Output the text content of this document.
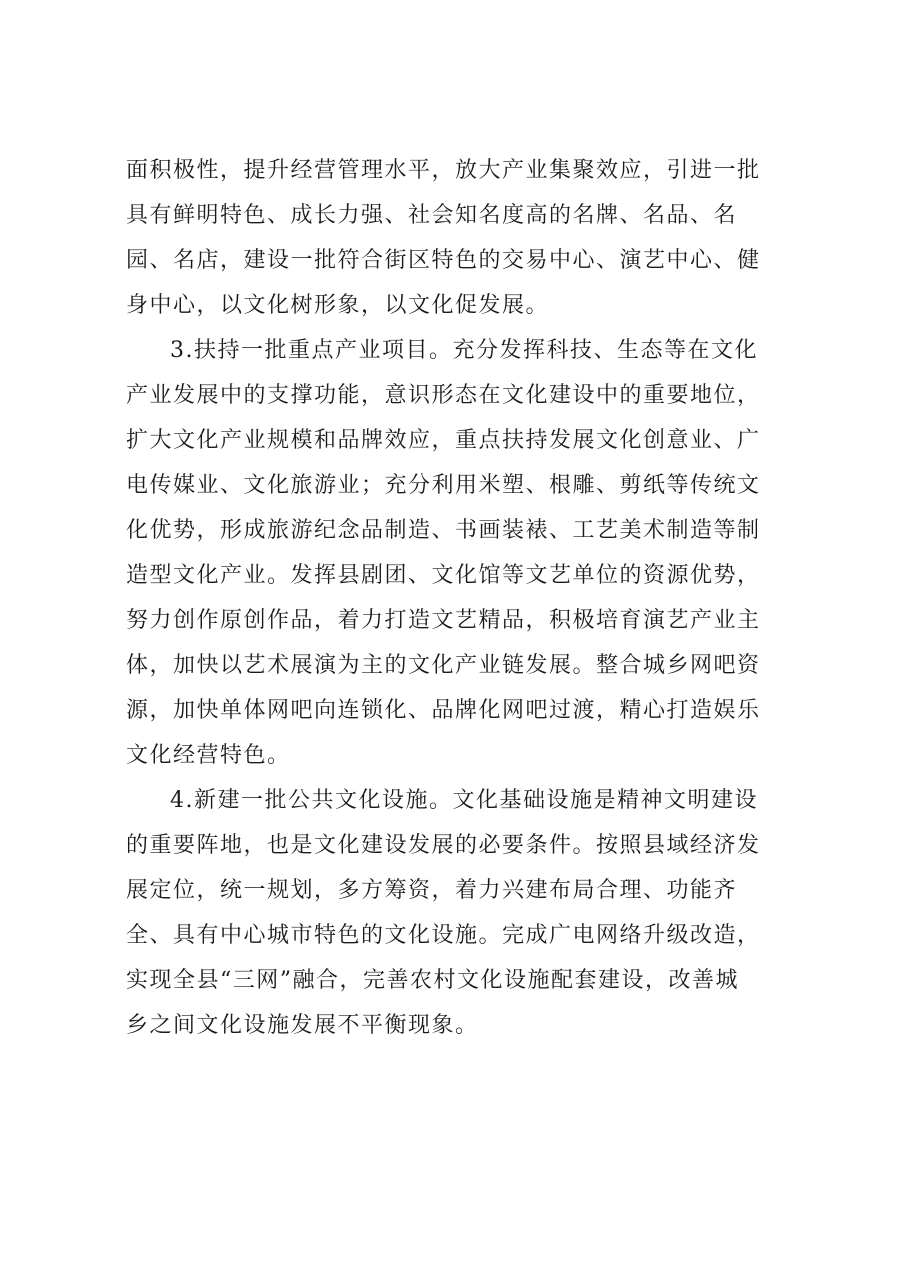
面积极性，提升经营管理水平，放大产业集聚效应，引进一批
具有鲜明特色、成长力强、社会知名度高的名牌、名品、名
园、名店，建设一批符合街区特色的交易中心、演艺中心、健
身中心，以文化树形象，以文化促发展。
3.扶持一批重点产业项目。充分发挥科技、生态等在文化
产业发展中的支撑功能，意识形态在文化建设中的重要地位，
扩大文化产业规模和品牌效应，重点扶持发展文化创意业、广
电传媒业、文化旅游业；充分利用米塑、根雕、剪纸等传统文
化优势，形成旅游纪念品制造、书画装裱、工艺美术制造等制
造型文化产业。发挥县剧团、文化馆等文艺单位的资源优势，
努力创作原创作品，着力打造文艺精品，积极培育演艺产业主
体，加快以艺术展演为主的文化产业链发展。整合城乡网吧资
源，加快单体网吧向连锁化、品牌化网吧过渡，精心打造娱乐
文化经营特色。
4.新建一批公共文化设施。文化基础设施是精神文明建设
的重要阵地，也是文化建设发展的必要条件。按照县域经济发
展定位，统一规划，多方筹资，着力兴建布局合理、功能齐
全、具有中心城市特色的文化设施。完成广电网络升级改造，
实现全县“三网”融合，完善农村文化设施配套建设，改善城
乡之间文化设施发展不平衡现象。
